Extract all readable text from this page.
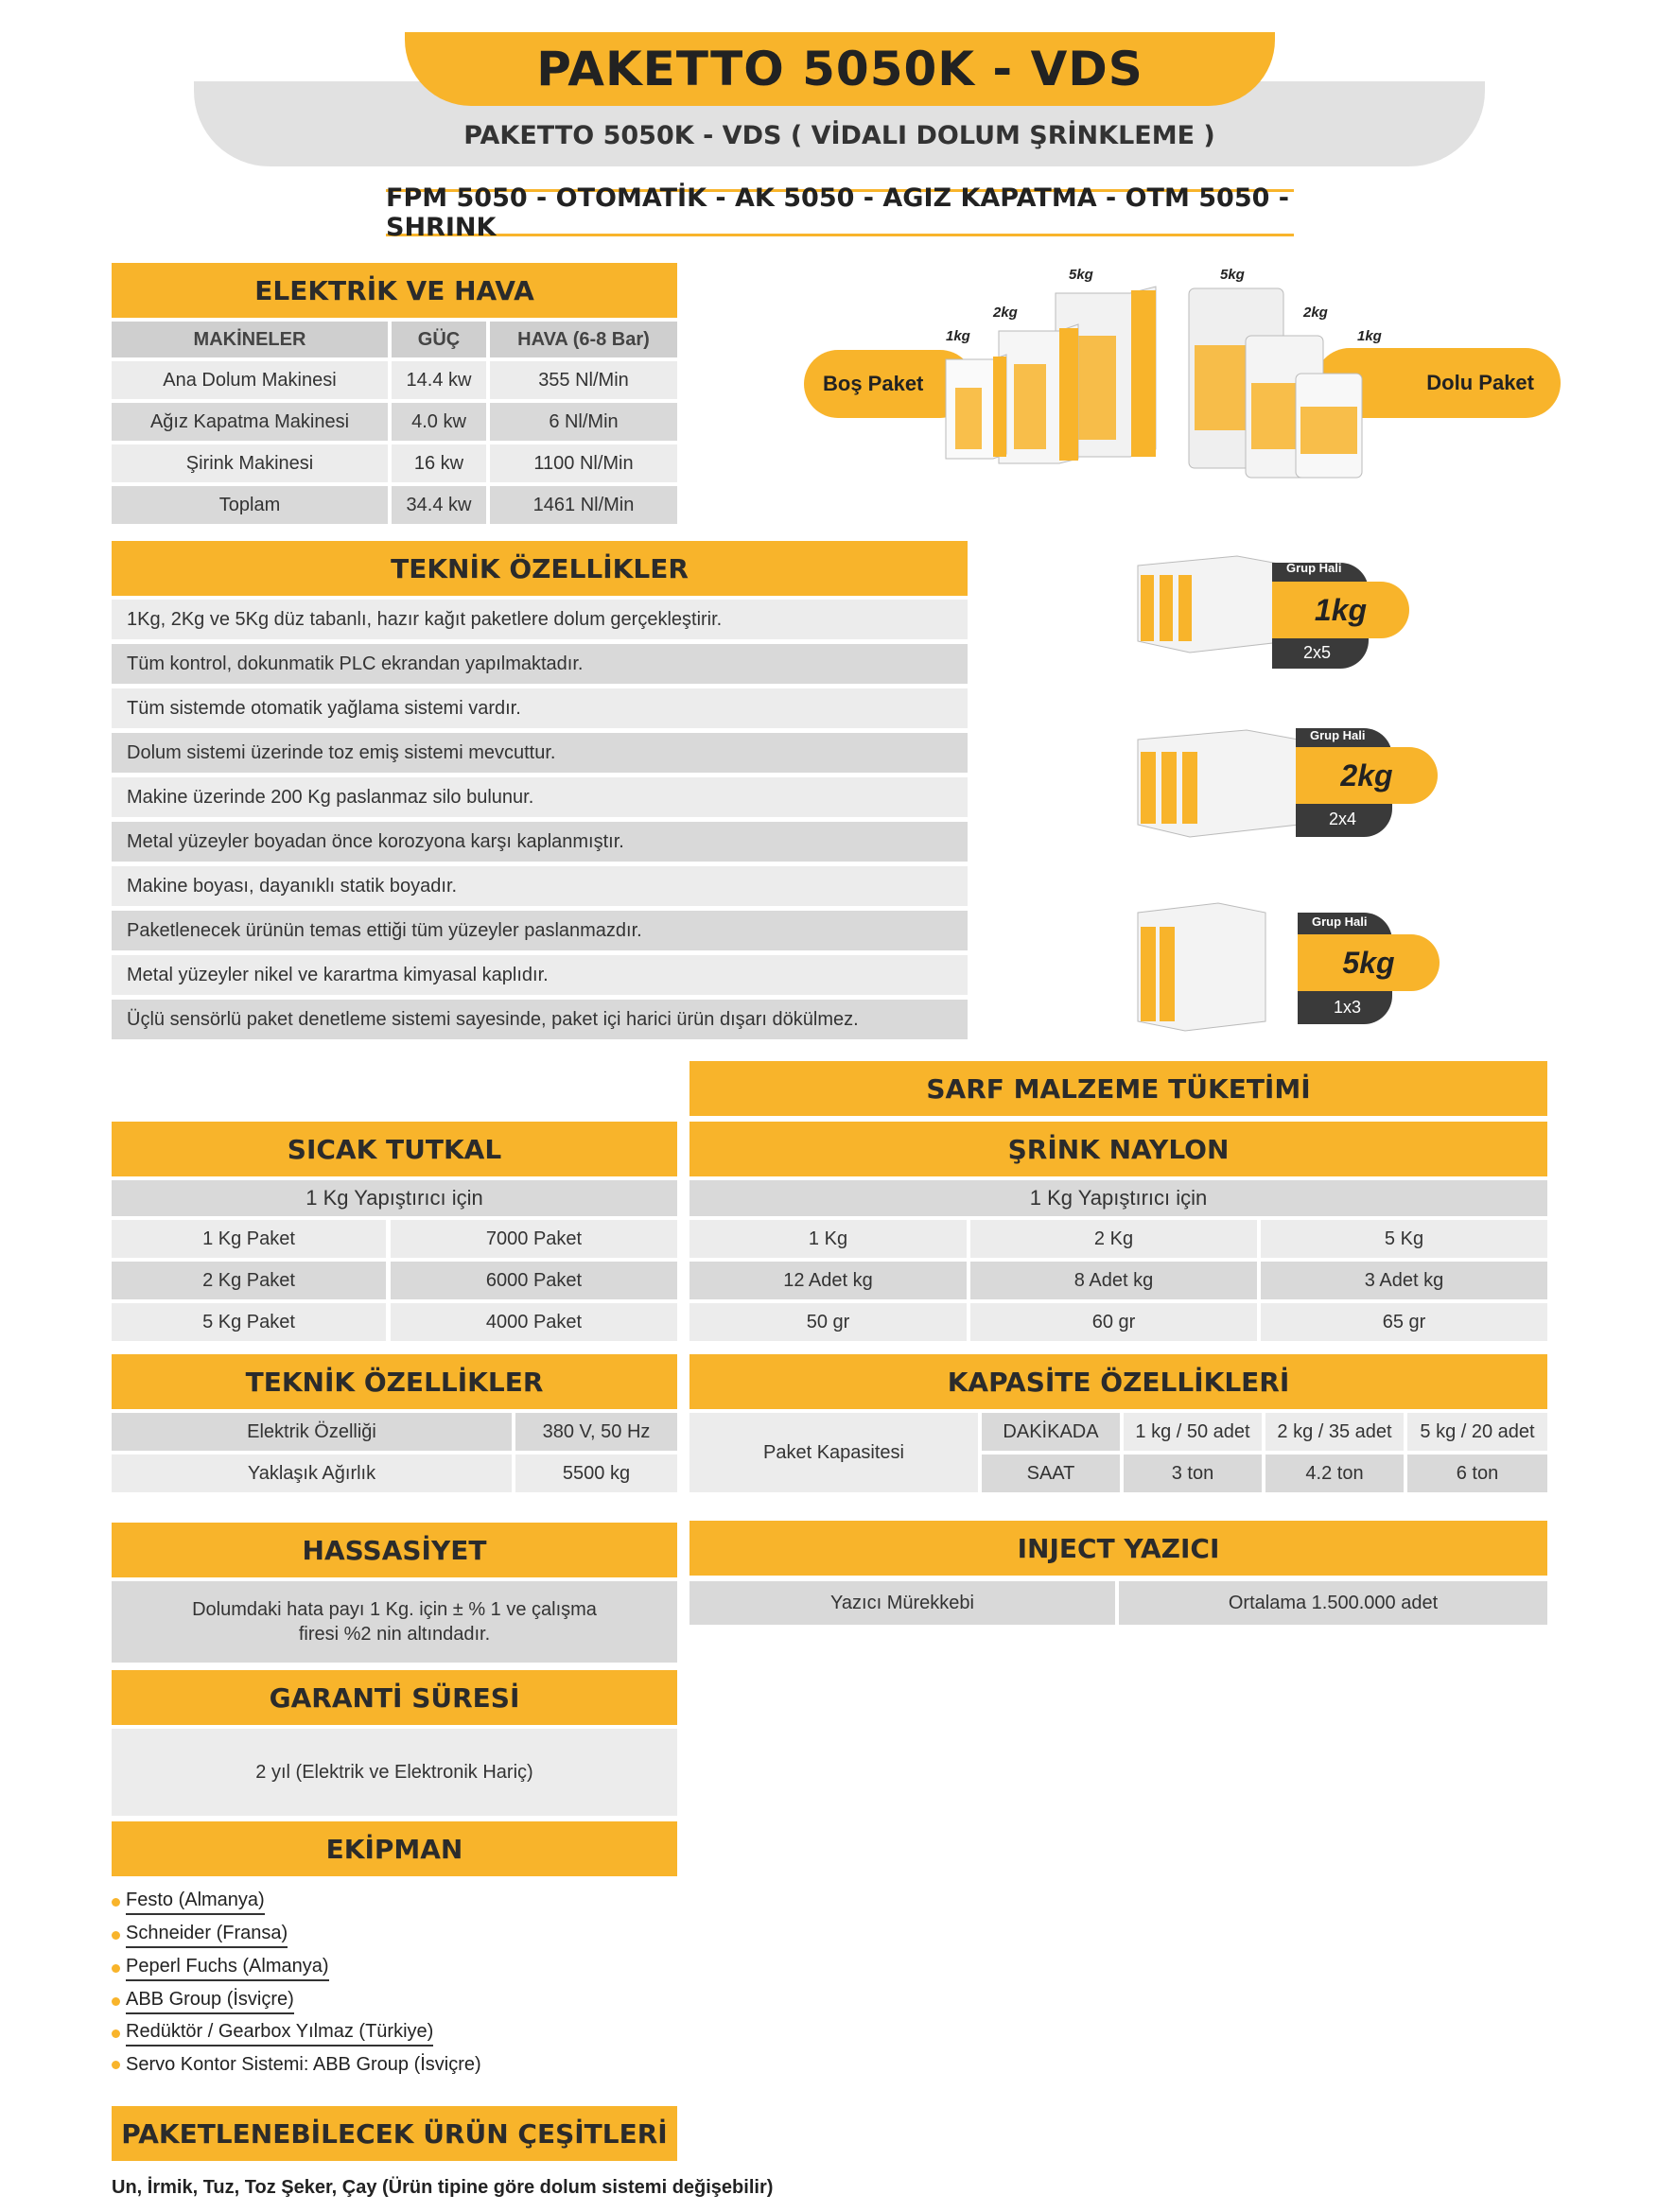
PAKETTO 5050K - VDS
PAKETTO 5050K - VDS ( VİDALI DOLUM ŞRİNKLEME )
FPM 5050 - OTOMATİK - AK 5050 - AGIZ KAPATMA - OTM 5050 - SHRINK
ELEKTRİK VE HAVA
MAKİNELER	GÜÇ	HAVA (6-8 Bar)
Ana Dolum Makinesi	14.4 kw	355 Nl/Min
Ağız Kapatma Makinesi	4.0 kw	6 Nl/Min
Şirink Makinesi	16 kw	1100 Nl/Min
Toplam	34.4 kw	1461 Nl/Min
Boş Paket	Dolu Paket
5kg
2kg
1kg
5kg
2kg
1kg
TEKNİK ÖZELLİKLER
1Kg, 2Kg ve 5Kg düz tabanlı, hazır kağıt paketlere dolum gerçekleştirir.
Tüm kontrol, dokunmatik PLC ekrandan yapılmaktadır.
Tüm sistemde otomatik yağlama sistemi vardır.
Dolum sistemi üzerinde toz emiş sistemi mevcuttur.
Makine üzerinde 200 Kg paslanmaz silo bulunur.
Metal yüzeyler boyadan önce korozyona karşı kaplanmıştır.
Makine boyası, dayanıklı statik boyadır.
Paketlenecek ürünün temas ettiği tüm yüzeyler paslanmazdır.
Metal yüzeyler nikel ve karartma kimyasal kaplıdır.
Üçlü sensörlü paket denetleme sistemi sayesinde, paket içi harici ürün dışarı dökülmez.
Grup Hali
1kg
2x5
Grup Hali
2kg
2x4
Grup Hali
5kg
1x3
SARF MALZEME TÜKETİMİ
SICAK TUTKAL
1 Kg Yapıştırıcı için
1 Kg Paket	7000 Paket
2 Kg Paket	6000 Paket
5 Kg Paket	4000 Paket
ŞRİNK NAYLON
1 Kg Yapıştırıcı için
1 Kg	2 Kg	5 Kg
12 Adet kg	8 Adet kg	3 Adet kg
50 gr	60 gr	65 gr
TEKNİK ÖZELLİKLER
Elektrik Özelliği	380 V, 50 Hz
Yaklaşık Ağırlık	5500 kg
KAPASİTE ÖZELLİKLERİ
Paket Kapasitesi
DAKİKADA	1 kg / 50 adet	2 kg / 35 adet	5 kg / 20 adet
SAAT	3 ton	4.2 ton	6 ton
HASSASİYET
Dolumdaki hata payı 1 Kg. için ± % 1 ve çalışma
firesi %2 nin altındadır.
INJECT YAZICI
Yazıcı Mürekkebi	Ortalama 1.500.000 adet
GARANTİ SÜRESİ
2 yıl (Elektrik ve Elektronik Hariç)
EKİPMAN
Festo (Almanya)
Schneider (Fransa)
Peperl Fuchs (Almanya)
ABB Group (İsviçre)
Redüktör / Gearbox Yılmaz (Türkiye)
Servo Kontor Sistemi: ABB Group (İsviçre)
PAKETLENEBİLECEK ÜRÜN ÇEŞİTLERİ
Un, İrmik, Tuz, Toz Şeker, Çay (Ürün tipine göre dolum sistemi değişebilir)
